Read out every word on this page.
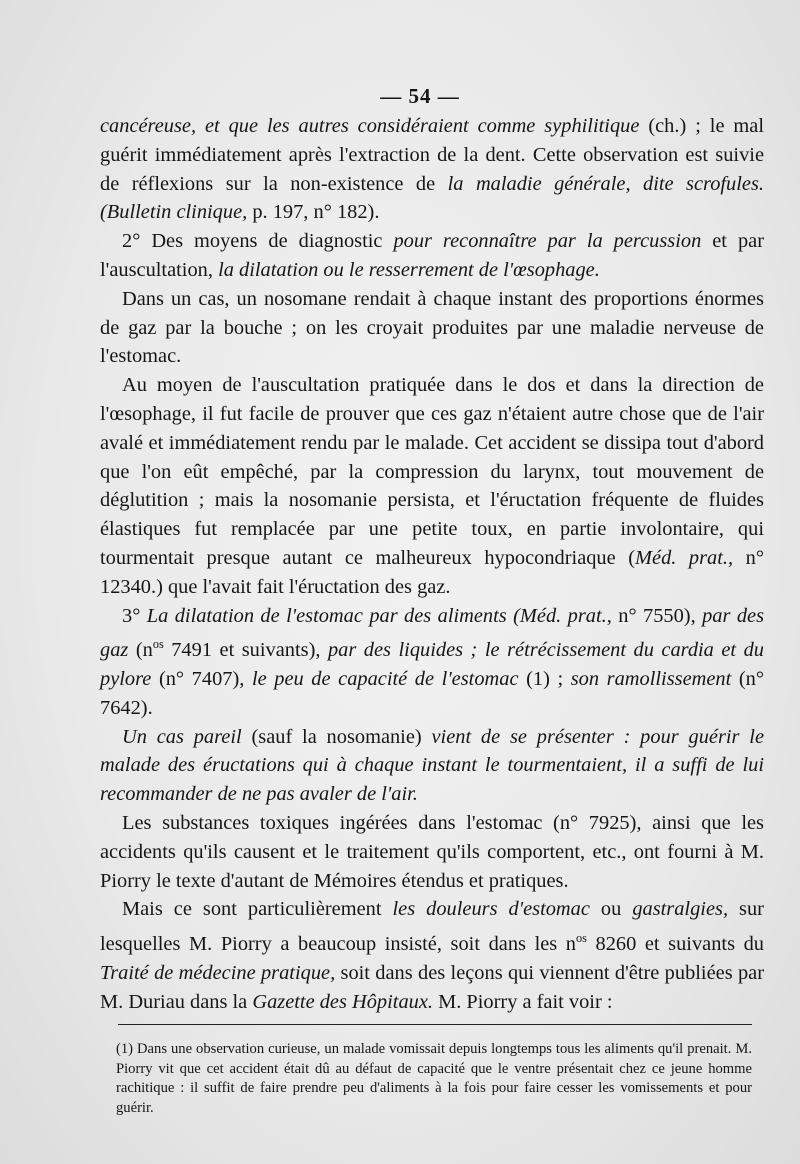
— 54 —

cancéreuse, et que les autres considéraient comme syphilitique (ch.) ; le mal guérit immédiatement après l'extraction de la dent. Cette observation est suivie de réflexions sur la non-existence de la maladie générale, dite scrofules. (Bulletin clinique, p. 197, n° 182).

2° Des moyens de diagnostic pour reconnaître par la percussion et par l'auscultation, la dilatation ou le resserrement de l'œsophage.

Dans un cas, un nosomane rendait à chaque instant des proportions énormes de gaz par la bouche ; on les croyait produites par une maladie nerveuse de l'estomac.

Au moyen de l'auscultation pratiquée dans le dos et dans la direction de l'œsophage, il fut facile de prouver que ces gaz n'étaient autre chose que de l'air avalé et immédiatement rendu par le malade. Cet accident se dissipa tout d'abord que l'on eût empêché, par la compression du larynx, tout mouvement de déglutition ; mais la nosomanie persista, et l'éructation fréquente de fluides élastiques fut remplacée par une petite toux, en partie involontaire, qui tourmentait presque autant ce malheureux hypocondriaque (Méd. prat., n° 12340.) que l'avait fait l'éructation des gaz.

3° La dilatation de l'estomac par des aliments (Méd. prat., n° 7550), par des gaz ($n^{os}$ 7491 et suivants), par des liquides ; le rétrécissement du cardia et du pylore (n° 7407), le peu de capacité de l'estomac (1) ; son ramollissement (n° 7642).

Un cas pareil (sauf la nosomanie) vient de se présenter : pour guérir le malade des éructations qui à chaque instant le tourmentaient, il a suffi de lui recommander de ne pas avaler de l'air.

Les substances toxiques ingérées dans l'estomac (n° 7925), ainsi que les accidents qu'ils causent et le traitement qu'ils comportent, etc., ont fourni à M. Piorry le texte d'autant de Mémoires étendus et pratiques.

Mais ce sont particulièrement les douleurs d'estomac ou gastralgies, sur lesquelles M. Piorry a beaucoup insisté, soit dans les $n^{os}$ 8260 et suivants du Traité de médecine pratique, soit dans des leçons qui viennent d'être publiées par M. Duriau dans la Gazette des Hôpitaux. M. Piorry a fait voir :

(1) Dans une observation curieuse, un malade vomissait depuis longtemps tous les aliments qu'il prenait. M. Piorry vit que cet accident était dû au défaut de capacité que le ventre présentait chez ce jeune homme rachitique : il suffit de faire prendre peu d'aliments à la fois pour faire cesser les vomissements et pour guérir.
